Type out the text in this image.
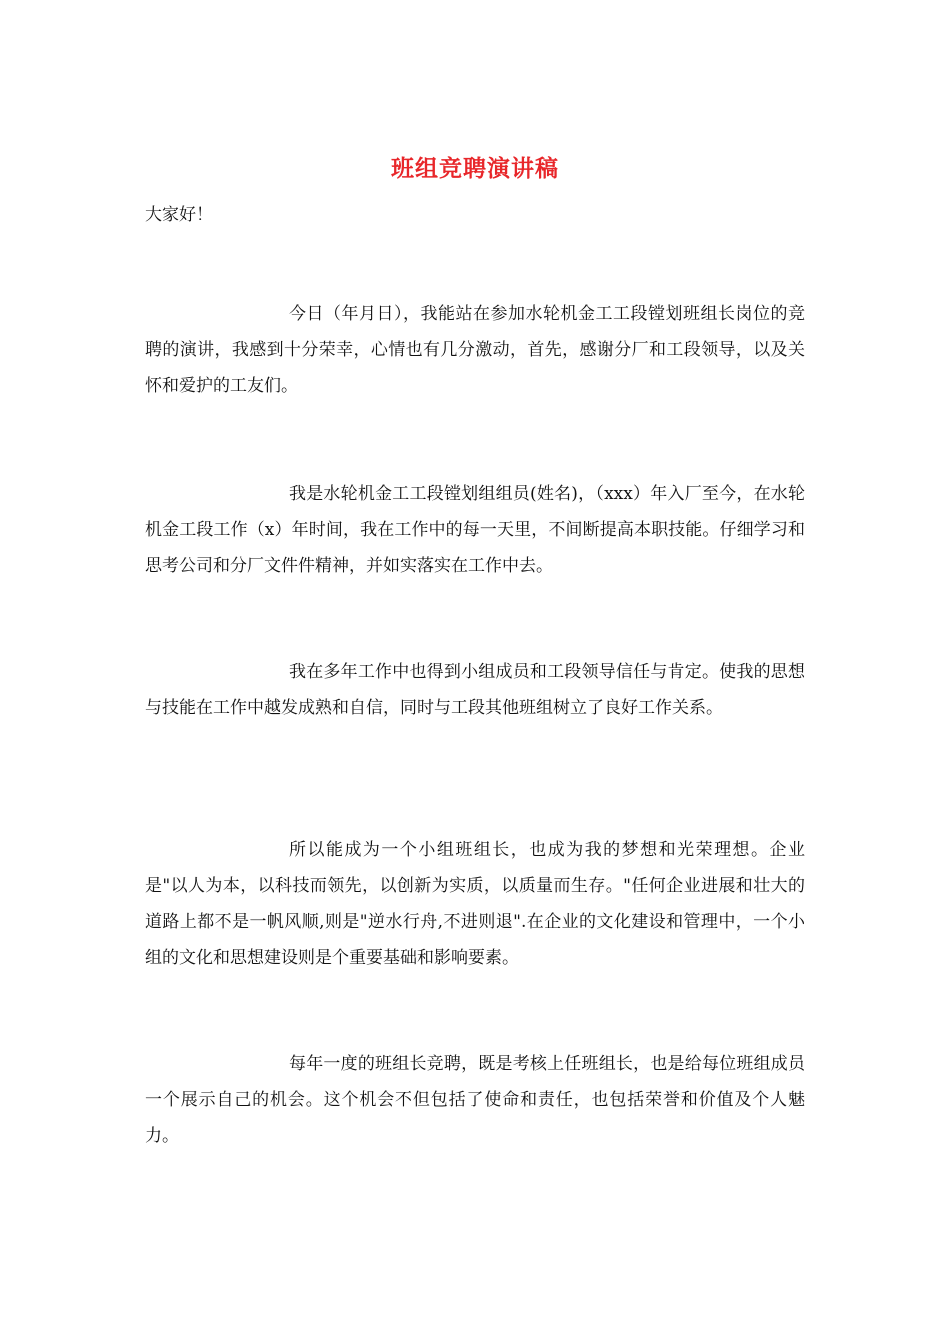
班组竞聘演讲稿

大家好！

今日（年月日），我能站在参加水轮机金工工段镗划班组长岗位的竞聘的演讲，我感到十分荣幸，心情也有几分激动，首先，感谢分厂和工段领导，以及关怀和爱护的工友们。

我是水轮机金工工段镗划组组员(姓名)，（xxx）年入厂至今，在水轮机金工段工作（x）年时间，我在工作中的每一天里，不间断提高本职技能。仔细学习和思考公司和分厂文件件精神，并如实落实在工作中去。

我在多年工作中也得到小组成员和工段领导信任与肯定。使我的思想与技能在工作中越发成熟和自信，同时与工段其他班组树立了良好工作关系。

所以能成为一个小组班组长，也成为我的梦想和光荣理想。企业是"以人为本，以科技而领先，以创新为实质，以质量而生存。"任何企业进展和壮大的道路上都不是一帆风顺,则是"逆水行舟,不进则退".在企业的文化建设和管理中，一个小组的文化和思想建设则是个重要基础和影响要素。

每年一度的班组长竞聘，既是考核上任班组长，也是给每位班组成员一个展示自己的机会。这个机会不但包括了使命和责任，也包括荣誉和价值及个人魅力。
